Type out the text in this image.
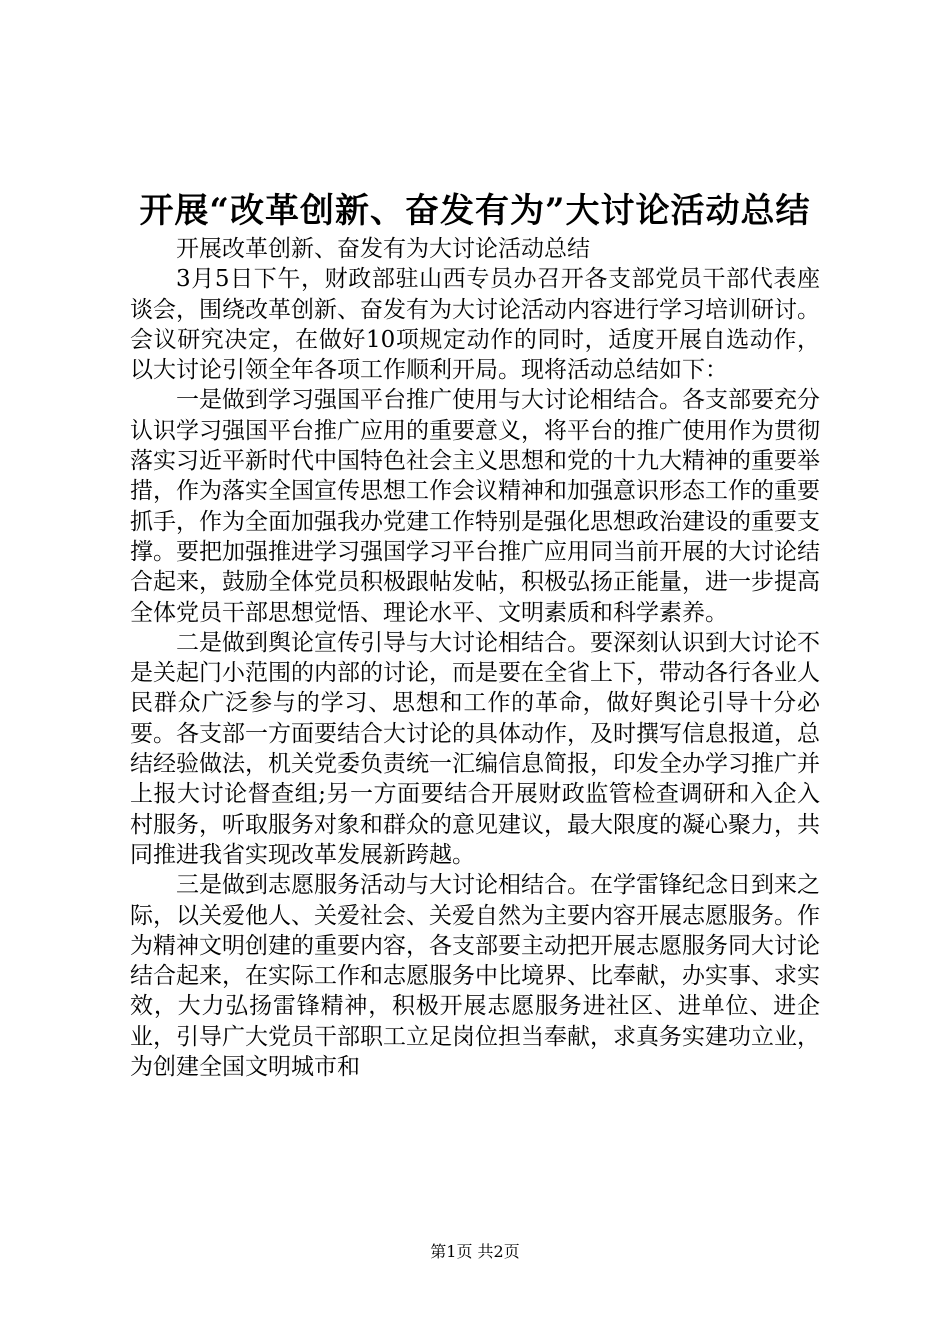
开展“改革创新、奋发有为”大讨论活动总结

开展改革创新、奋发有为大讨论活动总结

3月5日下午，财政部驻山西专员办召开各支部党员干部代表座谈会，围绕改革创新、奋发有为大讨论活动内容进行学习培训研讨。会议研究决定，在做好10项规定动作的同时，适度开展自选动作，以大讨论引领全年各项工作顺利开局。现将活动总结如下：

一是做到学习强国平台推广使用与大讨论相结合。各支部要充分认识学习强国平台推广应用的重要意义，将平台的推广使用作为贯彻落实习近平新时代中国特色社会主义思想和党的十九大精神的重要举措，作为落实全国宣传思想工作会议精神和加强意识形态工作的重要抓手，作为全面加强我办党建工作特别是强化思想政治建设的重要支撑。要把加强推进学习强国学习平台推广应用同当前开展的大讨论结合起来，鼓励全体党员积极跟帖发帖，积极弘扬正能量，进一步提高全体党员干部思想觉悟、理论水平、文明素质和科学素养。

二是做到舆论宣传引导与大讨论相结合。要深刻认识到大讨论不是关起门小范围的内部的讨论，而是要在全省上下，带动各行各业人民群众广泛参与的学习、思想和工作的革命，做好舆论引导十分必要。各支部一方面要结合大讨论的具体动作，及时撰写信息报道，总结经验做法，机关党委负责统一汇编信息简报，印发全办学习推广并上报大讨论督查组;另一方面要结合开展财政监管检查调研和入企入村服务，听取服务对象和群众的意见建议，最大限度的凝心聚力，共同推进我省实现改革发展新跨越。

三是做到志愿服务活动与大讨论相结合。在学雷锋纪念日到来之际，以关爱他人、关爱社会、关爱自然为主要内容开展志愿服务。作为精神文明创建的重要内容，各支部要主动把开展志愿服务同大讨论结合起来，在实际工作和志愿服务中比境界、比奉献，办实事、求实效，大力弘扬雷锋精神，积极开展志愿服务进社区、进单位、进企业，引导广大党员干部职工立足岗位担当奉献，求真务实建功立业，为创建全国文明城市和

第1页 共2页
